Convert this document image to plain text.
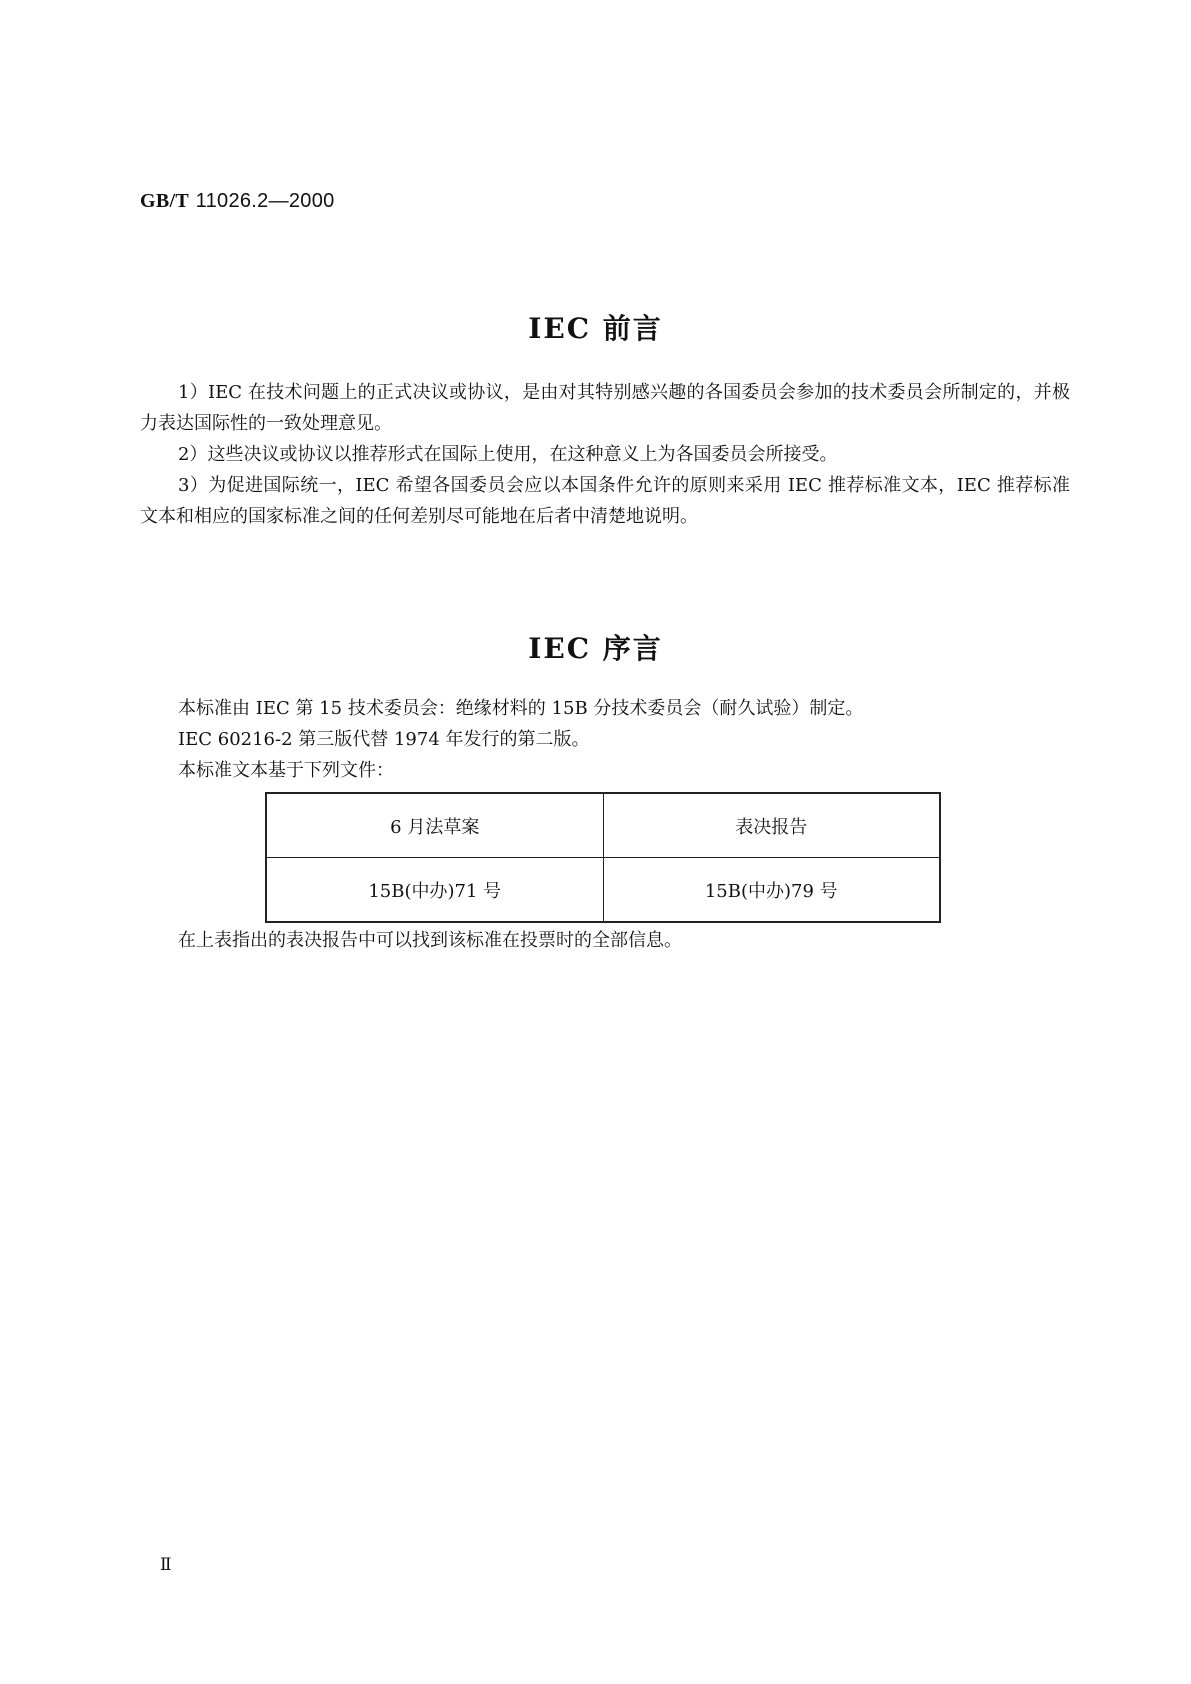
GB/T 11026.2—2000
IEC 前言

1）IEC 在技术问题上的正式决议或协议，是由对其特别感兴趣的各国委员会参加的技术委员会所制定的，并极力表达国际性的一致处理意见。

2）这些决议或协议以推荐形式在国际上使用，在这种意义上为各国委员会所接受。

3）为促进国际统一，IEC 希望各国委员会应以本国条件允许的原则来采用 IEC 推荐标准文本，IEC 推荐标准文本和相应的国家标准之间的任何差别尽可能地在后者中清楚地说明。

IEC 序言

本标准由 IEC 第 15 技术委员会：绝缘材料的 15B 分技术委员会（耐久试验）制定。

IEC 60216-2 第三版代替 1974 年发行的第二版。

本标准文本基于下列文件：

6 月法草案	表决报告
15B(中办)71 号	15B(中办)79 号

在上表指出的表决报告中可以找到该标准在投票时的全部信息。

Ⅱ
